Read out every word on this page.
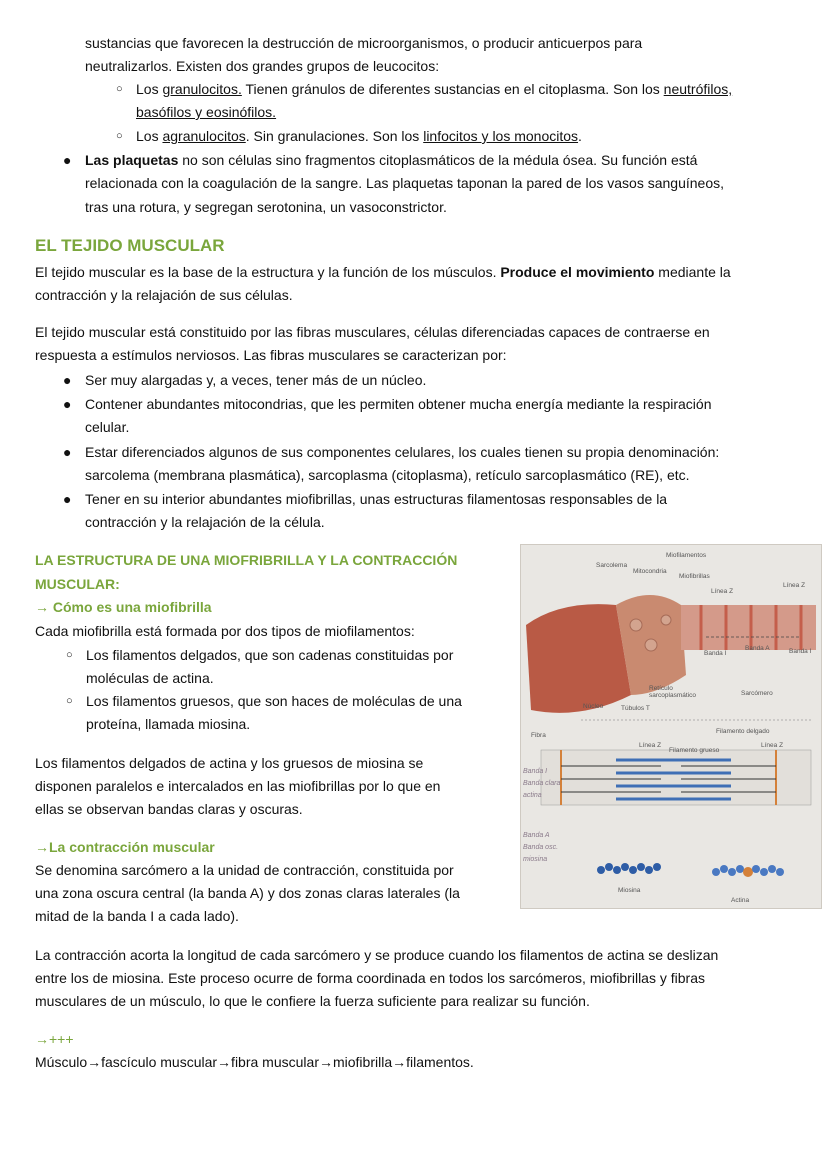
sustancias que favorecen la destrucción de microorganismos, o producir anticuerpos para

neutralizarlos. Existen dos grandes grupos de leucocitos:

○ Los granulocitos. Tienen gránulos de diferentes sustancias en el citoplasma. Son los neutrófilos,

basófilos y eosinófilos.

○ Los agranulocitos. Sin granulaciones. Son los linfocitos y los monocitos.

● Las plaquetas no son células sino fragmentos citoplasmáticos de la médula ósea. Su función está

relacionada con la coagulación de la sangre. Las plaquetas taponan la pared de los vasos sanguíneos,

tras una rotura, y segregan serotonina, un vasoconstrictor.

EL TEJIDO MUSCULAR

El tejido muscular es la base de la estructura y la función de los músculos. Produce el movimiento mediante la

contracción y la relajación de sus células.

El tejido muscular está constituido por las fibras musculares, células diferenciadas capaces de contraerse en

respuesta a estímulos nerviosos. Las fibras musculares se caracterizan por:

● Ser muy alargadas y, a veces, tener más de un núcleo.

● Contener abundantes mitocondrias, que les permiten obtener mucha energía mediante la respiración

celular.

● Estar diferenciados algunos de sus componentes celulares, los cuales tienen su propia denominación:

sarcolema (membrana plasmática), sarcoplasma (citoplasma), retículo sarcoplasmático (RE), etc.

● Tener en su interior abundantes miofibrillas, unas estructuras filamentosas responsables de la

contracción y la relajación de la célula.

LA ESTRUCTURA DE UNA MIOFRIBRILLA Y LA CONTRACCIÓN

MUSCULAR:

→ Cómo es una miofibrilla

Cada miofibrilla está formada por dos tipos de miofilamentos:

○ Los filamentos delgados, que son cadenas constituidas por

moléculas de actina.

○ Los filamentos gruesos, que son haces de moléculas de una

proteína, llamada miosina.

Los filamentos delgados de actina y los gruesos de miosina se

disponen paralelos e intercalados en las miofibrillas por lo que en

ellas se observan bandas claras y oscuras.

→La contracción muscular

Se denomina sarcómero a la unidad de contracción, constituida por

una zona oscura central (la banda A) y dos zonas claras laterales (la

mitad de la banda I a cada lado).

La contracción acorta la longitud de cada sarcómero y se produce cuando los filamentos de actina se deslizan

entre los de miosina. Este proceso ocurre de forma coordinada en todos los sarcómeros, miofibrillas y fibras

musculares de un músculo, lo que le confiere la fuerza suficiente para realizar su función.

→+++

Músculo→fascículo muscular→fibra muscular→miofibrilla→filamentos.

Sarcolema
Mitocondria
Miofilamentos
Miofibrillas
Línea Z
Línea Z
Banda I
Banda A	Banda I
Retículo
sarcoplasmático	Sarcómero
Núcleo	Túbulos T
Fibra
Filamento delgado
Línea Z
Filamento grueso
Línea Z
Miosina
Actina
Banda I
Banda clara
actina
Banda A
Banda osc.
miosina
